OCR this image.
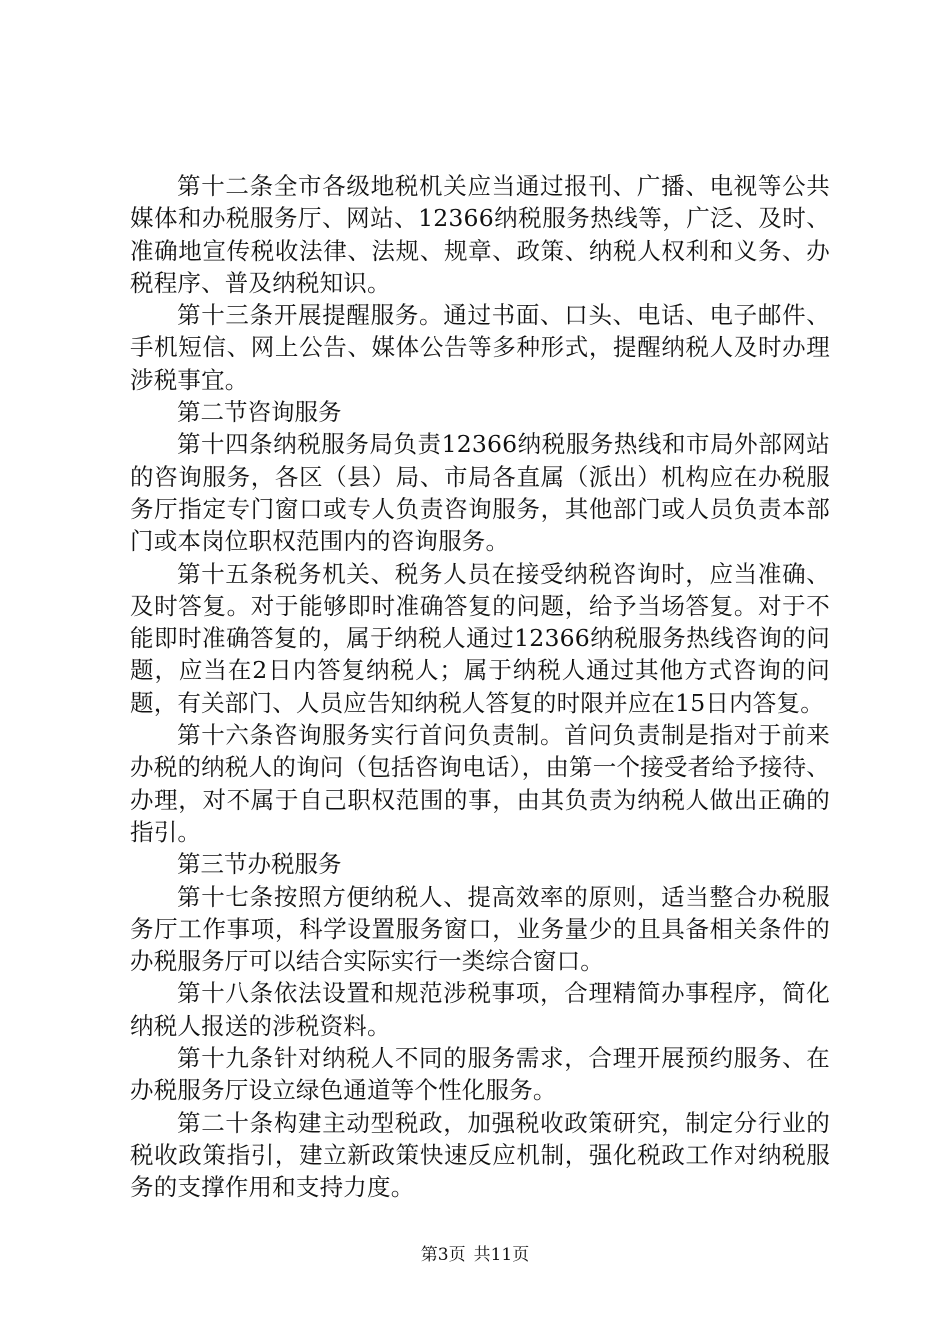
第十二条全市各级地税机关应当通过报刊、广播、电视等公共媒体和办税服务厅、网站、12366纳税服务热线等，广泛、及时、准确地宣传税收法律、法规、规章、政策、纳税人权利和义务、办税程序、普及纳税知识。

第十三条开展提醒服务。通过书面、口头、电话、电子邮件、手机短信、网上公告、媒体公告等多种形式，提醒纳税人及时办理涉税事宜。

第二节咨询服务

第十四条纳税服务局负责12366纳税服务热线和市局外部网站的咨询服务，各区（县）局、市局各直属（派出）机构应在办税服务厅指定专门窗口或专人负责咨询服务，其他部门或人员负责本部门或本岗位职权范围内的咨询服务。

第十五条税务机关、税务人员在接受纳税咨询时，应当准确、及时答复。对于能够即时准确答复的问题，给予当场答复。对于不能即时准确答复的，属于纳税人通过12366纳税服务热线咨询的问题，应当在2日内答复纳税人；属于纳税人通过其他方式咨询的问题，有关部门、人员应告知纳税人答复的时限并应在15日内答复。

第十六条咨询服务实行首问负责制。首问负责制是指对于前来办税的纳税人的询问（包括咨询电话），由第一个接受者给予接待、办理，对不属于自己职权范围的事，由其负责为纳税人做出正确的指引。

第三节办税服务

第十七条按照方便纳税人、提高效率的原则，适当整合办税服务厅工作事项，科学设置服务窗口，业务量少的且具备相关条件的办税服务厅可以结合实际实行一类综合窗口。

第十八条依法设置和规范涉税事项，合理精简办事程序，简化纳税人报送的涉税资料。

第十九条针对纳税人不同的服务需求，合理开展预约服务、在办税服务厅设立绿色通道等个性化服务。

第二十条构建主动型税政，加强税收政策研究，制定分行业的税收政策指引，建立新政策快速反应机制，强化税政工作对纳税服务的支撑作用和支持力度。

第3页 共11页
